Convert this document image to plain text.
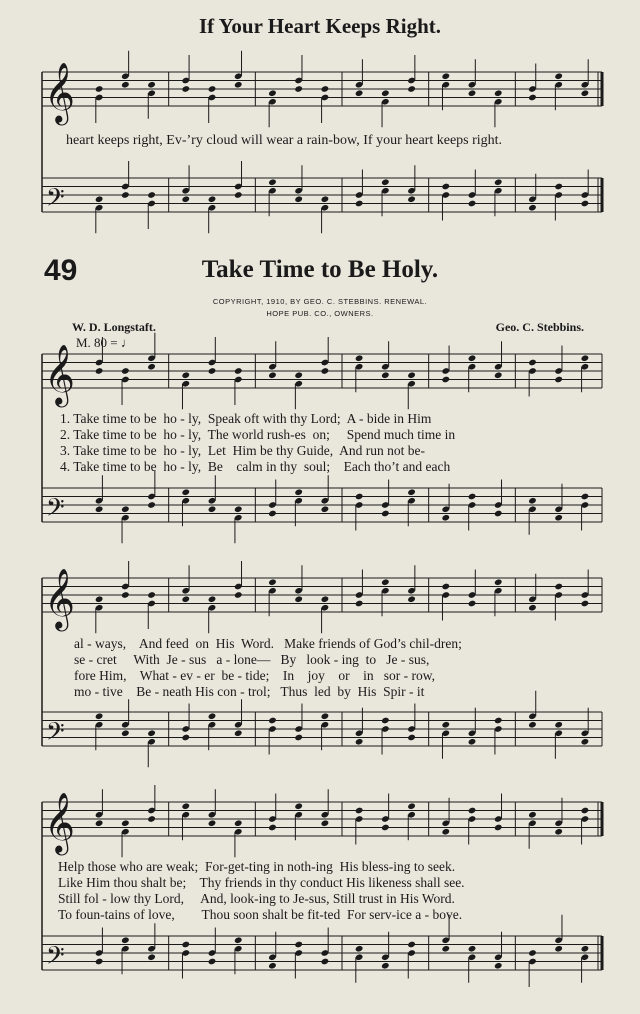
If Your Heart Keeps Right.
𝄞
𝄢
𝄞
𝄢
𝄞
𝄢
𝄞
𝄢
heart keeps right, Ev-’ry cloud will wear a rain-bow, If your heart keeps right.
49	Take Time to Be Holy.
COPYRIGHT, 1910, BY GEO. C. STEBBINS. RENEWAL.
HOPE PUB. CO., OWNERS.
W. D. Longstaft.	Geo. C. Stebbins.
M. 80 = ♩
1. Take time to be  ho - ly,  Speak oft with thy Lord;  A - bide in Him
2. Take time to be  ho - ly,  The world rush-es  on;     Spend much time in
3. Take time to be  ho - ly,  Let  Him be thy Guide,  And run not be-
4. Take time to be  ho - ly,  Be    calm in thy  soul;    Each tho’t and each
al - ways,    And feed  on  His  Word.   Make friends of God’s chil-dren;
se - cret     With  Je - sus   a - lone—   By   look - ing  to   Je - sus,
fore Him,    What - ev - er  be - tide;    In    joy    or    in   sor - row,
mo - tive    Be - neath His con - trol;   Thus  led  by  His  Spir - it
Help those who are weak;  For-get-ting in noth-ing  His bless-ing to seek.
Like Him thou shalt be;    Thy friends in thy conduct His likeness shall see.
Still fol - low thy Lord,     And, look-ing to Je-sus, Still trust in His Word.
To foun-tains of love,        Thou soon shalt be fit-ted  For serv-ice a - bove.
